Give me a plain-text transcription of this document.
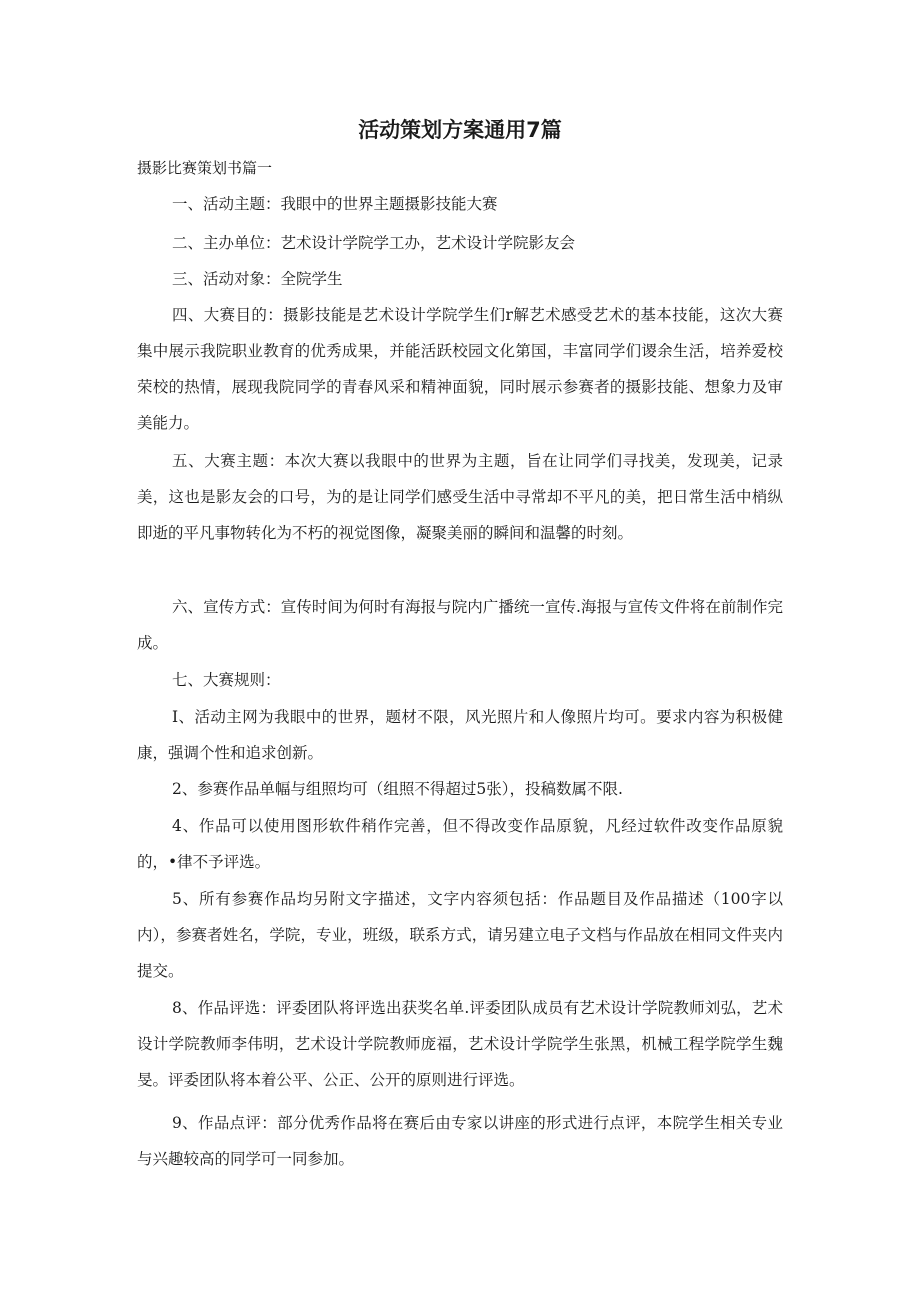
活动策划方案通用7篇

摄影比赛策划书篇一

一、活动主题：我眼中的世界主题摄影技能大赛

二、主办单位：艺术设计学院学工办，艺术设计学院影友会

三、活动对象：全院学生

四、大赛目的：摄影技能是艺术设计学院学生们r解艺术感受艺术的基本技能，这次大赛集中展示我院职业教育的优秀成果，并能活跃校园文化第国，丰富同学们谡余生活，培养爱校荣校的热情，展现我院同学的青春风采和精神面貌，同时展示参赛者的摄影技能、想象力及审美能力。

五、大赛主题：本次大赛以我眼中的世界为主题，旨在让同学们寻找美，发现美，记录美，这也是影友会的口号，为的是让同学们感受生活中寻常却不平凡的美，把日常生活中梢纵即逝的平凡事物转化为不朽的视觉图像，凝聚美丽的瞬间和温馨的时刻。

六、宣传方式：宣传时间为何时有海报与院内广播统一宣传.海报与宣传文件将在前制作完成。

七、大赛规则：

I、活动主网为我眼中的世界，题材不限，风光照片和人像照片均可。要求内容为积极健康，强调个性和追求创新。

2、参赛作品单幅与组照均可（组照不得超过5张），投稿数属不限.

4、作品可以使用图形软件稍作完善，但不得改变作品原貌，凡经过软件改变作品原貌的，•律不予评选。

5、所有参赛作品均另附文字描述，文字内容须包括：作品题目及作品描述（100字以内），参赛者姓名，学院，专业，班级，联系方式，请另建立电子文档与作品放在相同文件夹内提交。

8、作品评选：评委团队将评选出获奖名单.评委团队成员有艺术设计学院教师刘弘，艺术设计学院教师李伟明，艺术设计学院教师庞福，艺术设计学院学生张黑，机械工程学院学生魏旻。评委团队将本着公平、公正、公开的原则进行评选。

9、作品点评：部分优秀作品将在赛后由专家以讲座的形式进行点评，本院学生相关专业与兴趣较高的同学可一同参加。
